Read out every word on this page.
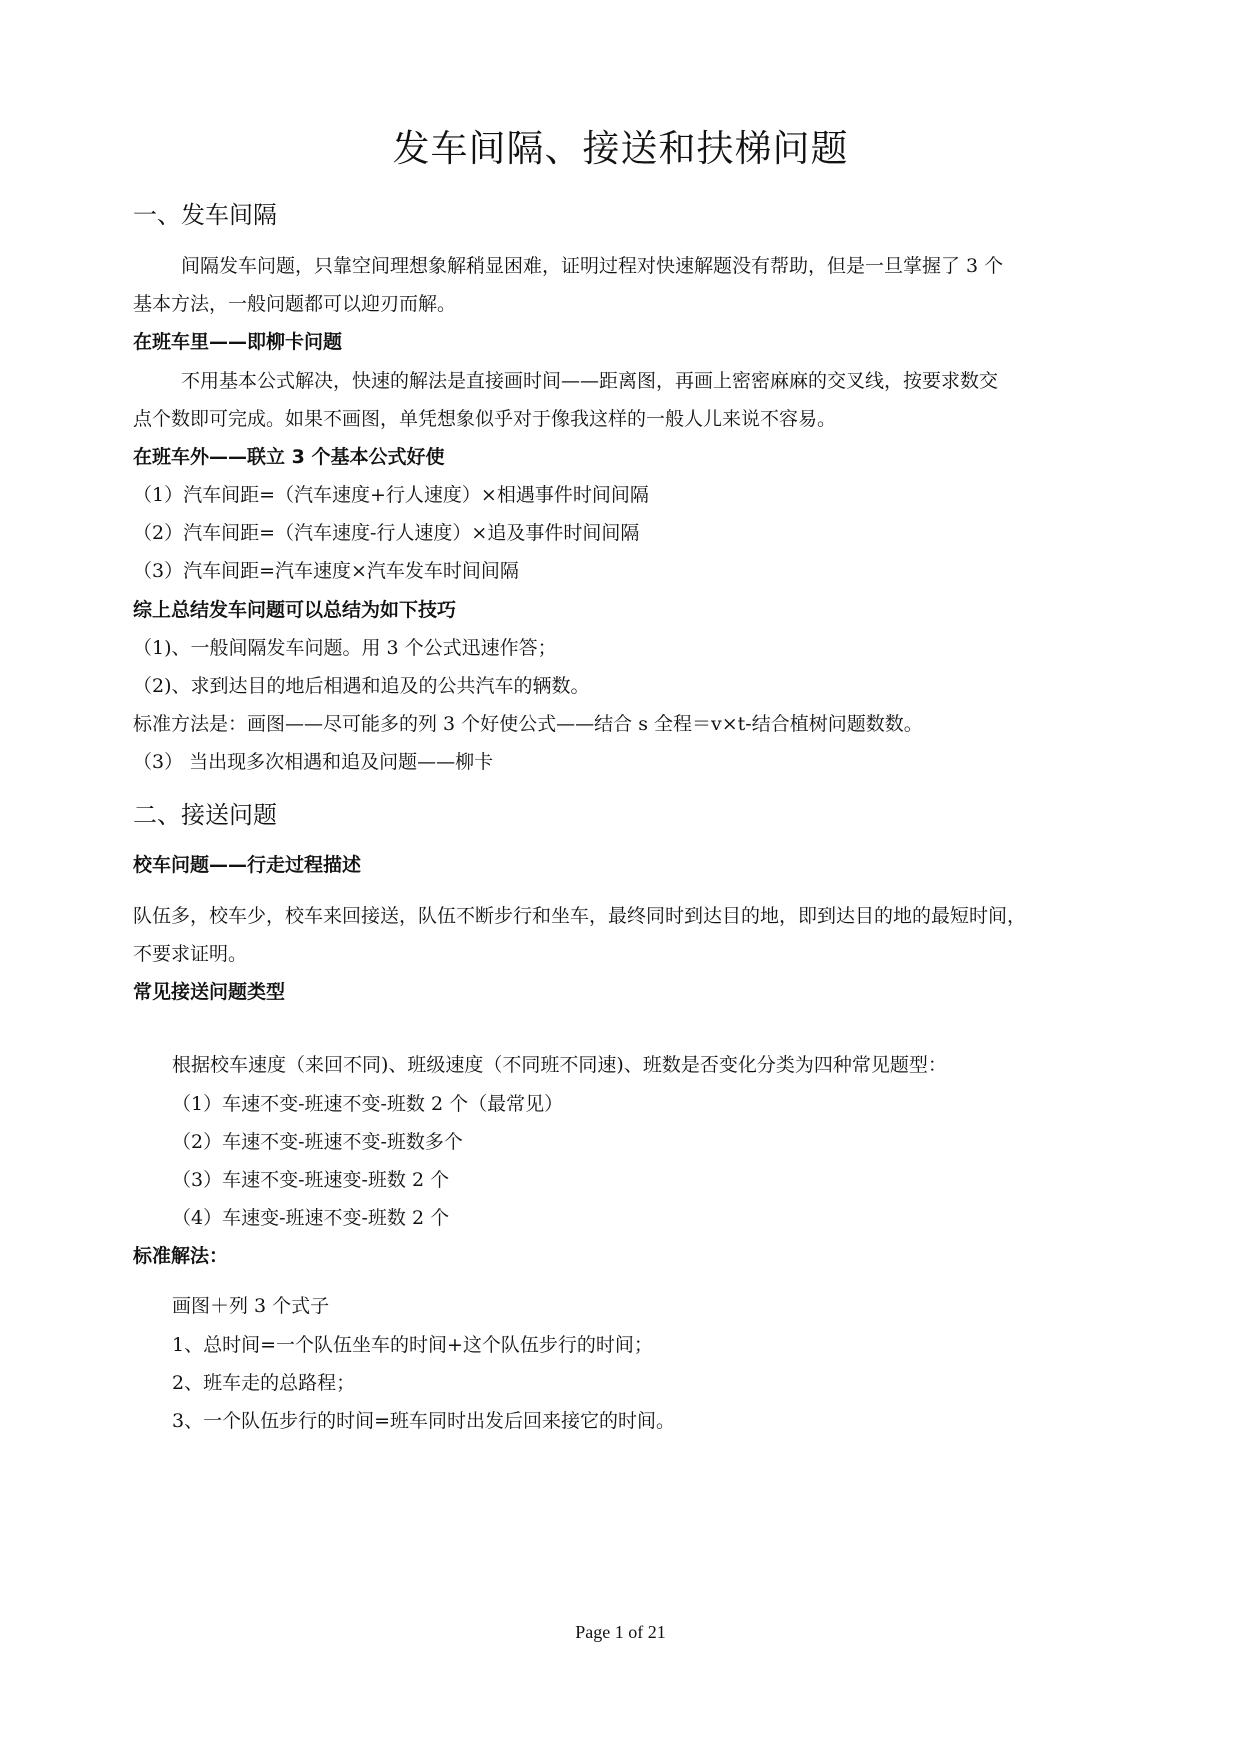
发车间隔、接送和扶梯问题
一、发车间隔
间隔发车问题，只靠空间理想象解稍显困难，证明过程对快速解题没有帮助，但是一旦掌握了 3 个
基本方法，一般问题都可以迎刃而解。
在班车里——即柳卡问题
不用基本公式解决，快速的解法是直接画时间——距离图，再画上密密麻麻的交叉线，按要求数交
点个数即可完成。如果不画图，单凭想象似乎对于像我这样的一般人儿来说不容易。
在班车外——联立 3 个基本公式好使
（1）汽车间距=（汽车速度+行人速度）×相遇事件时间间隔
（2）汽车间距=（汽车速度-行人速度）×追及事件时间间隔
（3）汽车间距=汽车速度×汽车发车时间间隔
综上总结发车问题可以总结为如下技巧
（1)、一般间隔发车问题。用 3 个公式迅速作答；
（2)、求到达目的地后相遇和追及的公共汽车的辆数。
标准方法是：画图——尽可能多的列 3 个好使公式——结合 s 全程＝v×t-结合植树问题数数。
（3） 当出现多次相遇和追及问题——柳卡
二、接送问题
校车问题——行走过程描述
队伍多，校车少，校车来回接送，队伍不断步行和坐车，最终同时到达目的地，即到达目的地的最短时间，
不要求证明。
常见接送问题类型
根据校车速度（来回不同)、班级速度（不同班不同速)、班数是否变化分类为四种常见题型：
（1）车速不变-班速不变-班数 2 个（最常见）
（2）车速不变-班速不变-班数多个
（3）车速不变-班速变-班数 2 个
（4）车速变-班速不变-班数 2 个
标准解法：
画图＋列 3 个式子
1、总时间=一个队伍坐车的时间+这个队伍步行的时间；
2、班车走的总路程；
3、一个队伍步行的时间=班车同时出发后回来接它的时间。
Page 1 of 21
